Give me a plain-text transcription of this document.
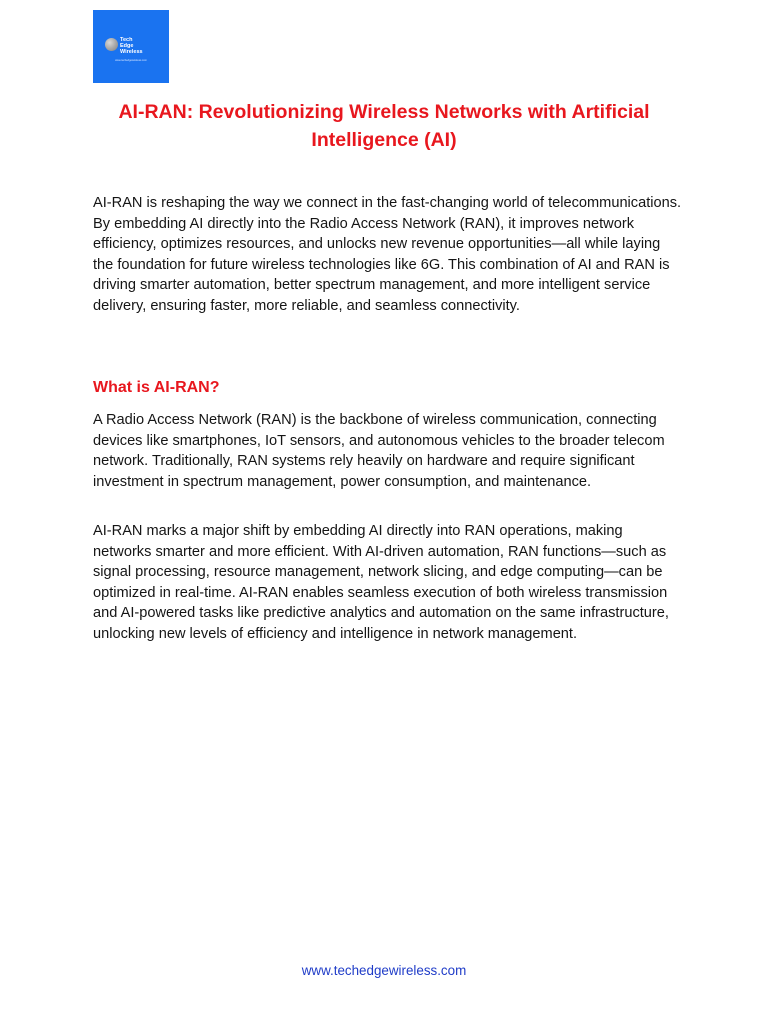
Tech
Edge
Wireless
www.techedgewireless.com
AI-RAN: Revolutionizing Wireless Networks with Artificial Intelligence (AI)

AI-RAN is reshaping the way we connect in the fast-changing world of telecommunications. By embedding AI directly into the Radio Access Network (RAN), it improves network efficiency, optimizes resources, and unlocks new revenue opportunities—all while laying the foundation for future wireless technologies like 6G. This combination of AI and RAN is driving smarter automation, better spectrum management, and more intelligent service delivery, ensuring faster, more reliable, and seamless connectivity.

What is AI-RAN?

A Radio Access Network (RAN) is the backbone of wireless communication, connecting devices like smartphones, IoT sensors, and autonomous vehicles to the broader telecom network. Traditionally, RAN systems rely heavily on hardware and require significant investment in spectrum management, power consumption, and maintenance.

AI-RAN marks a major shift by embedding AI directly into RAN operations, making networks smarter and more efficient. With AI-driven automation, RAN functions—such as signal processing, resource management, network slicing, and edge computing—can be optimized in real-time. AI-RAN enables seamless execution of both wireless transmission and AI-powered tasks like predictive analytics and automation on the same infrastructure, unlocking new levels of efficiency and intelligence in network management.

www.techedgewireless.com
